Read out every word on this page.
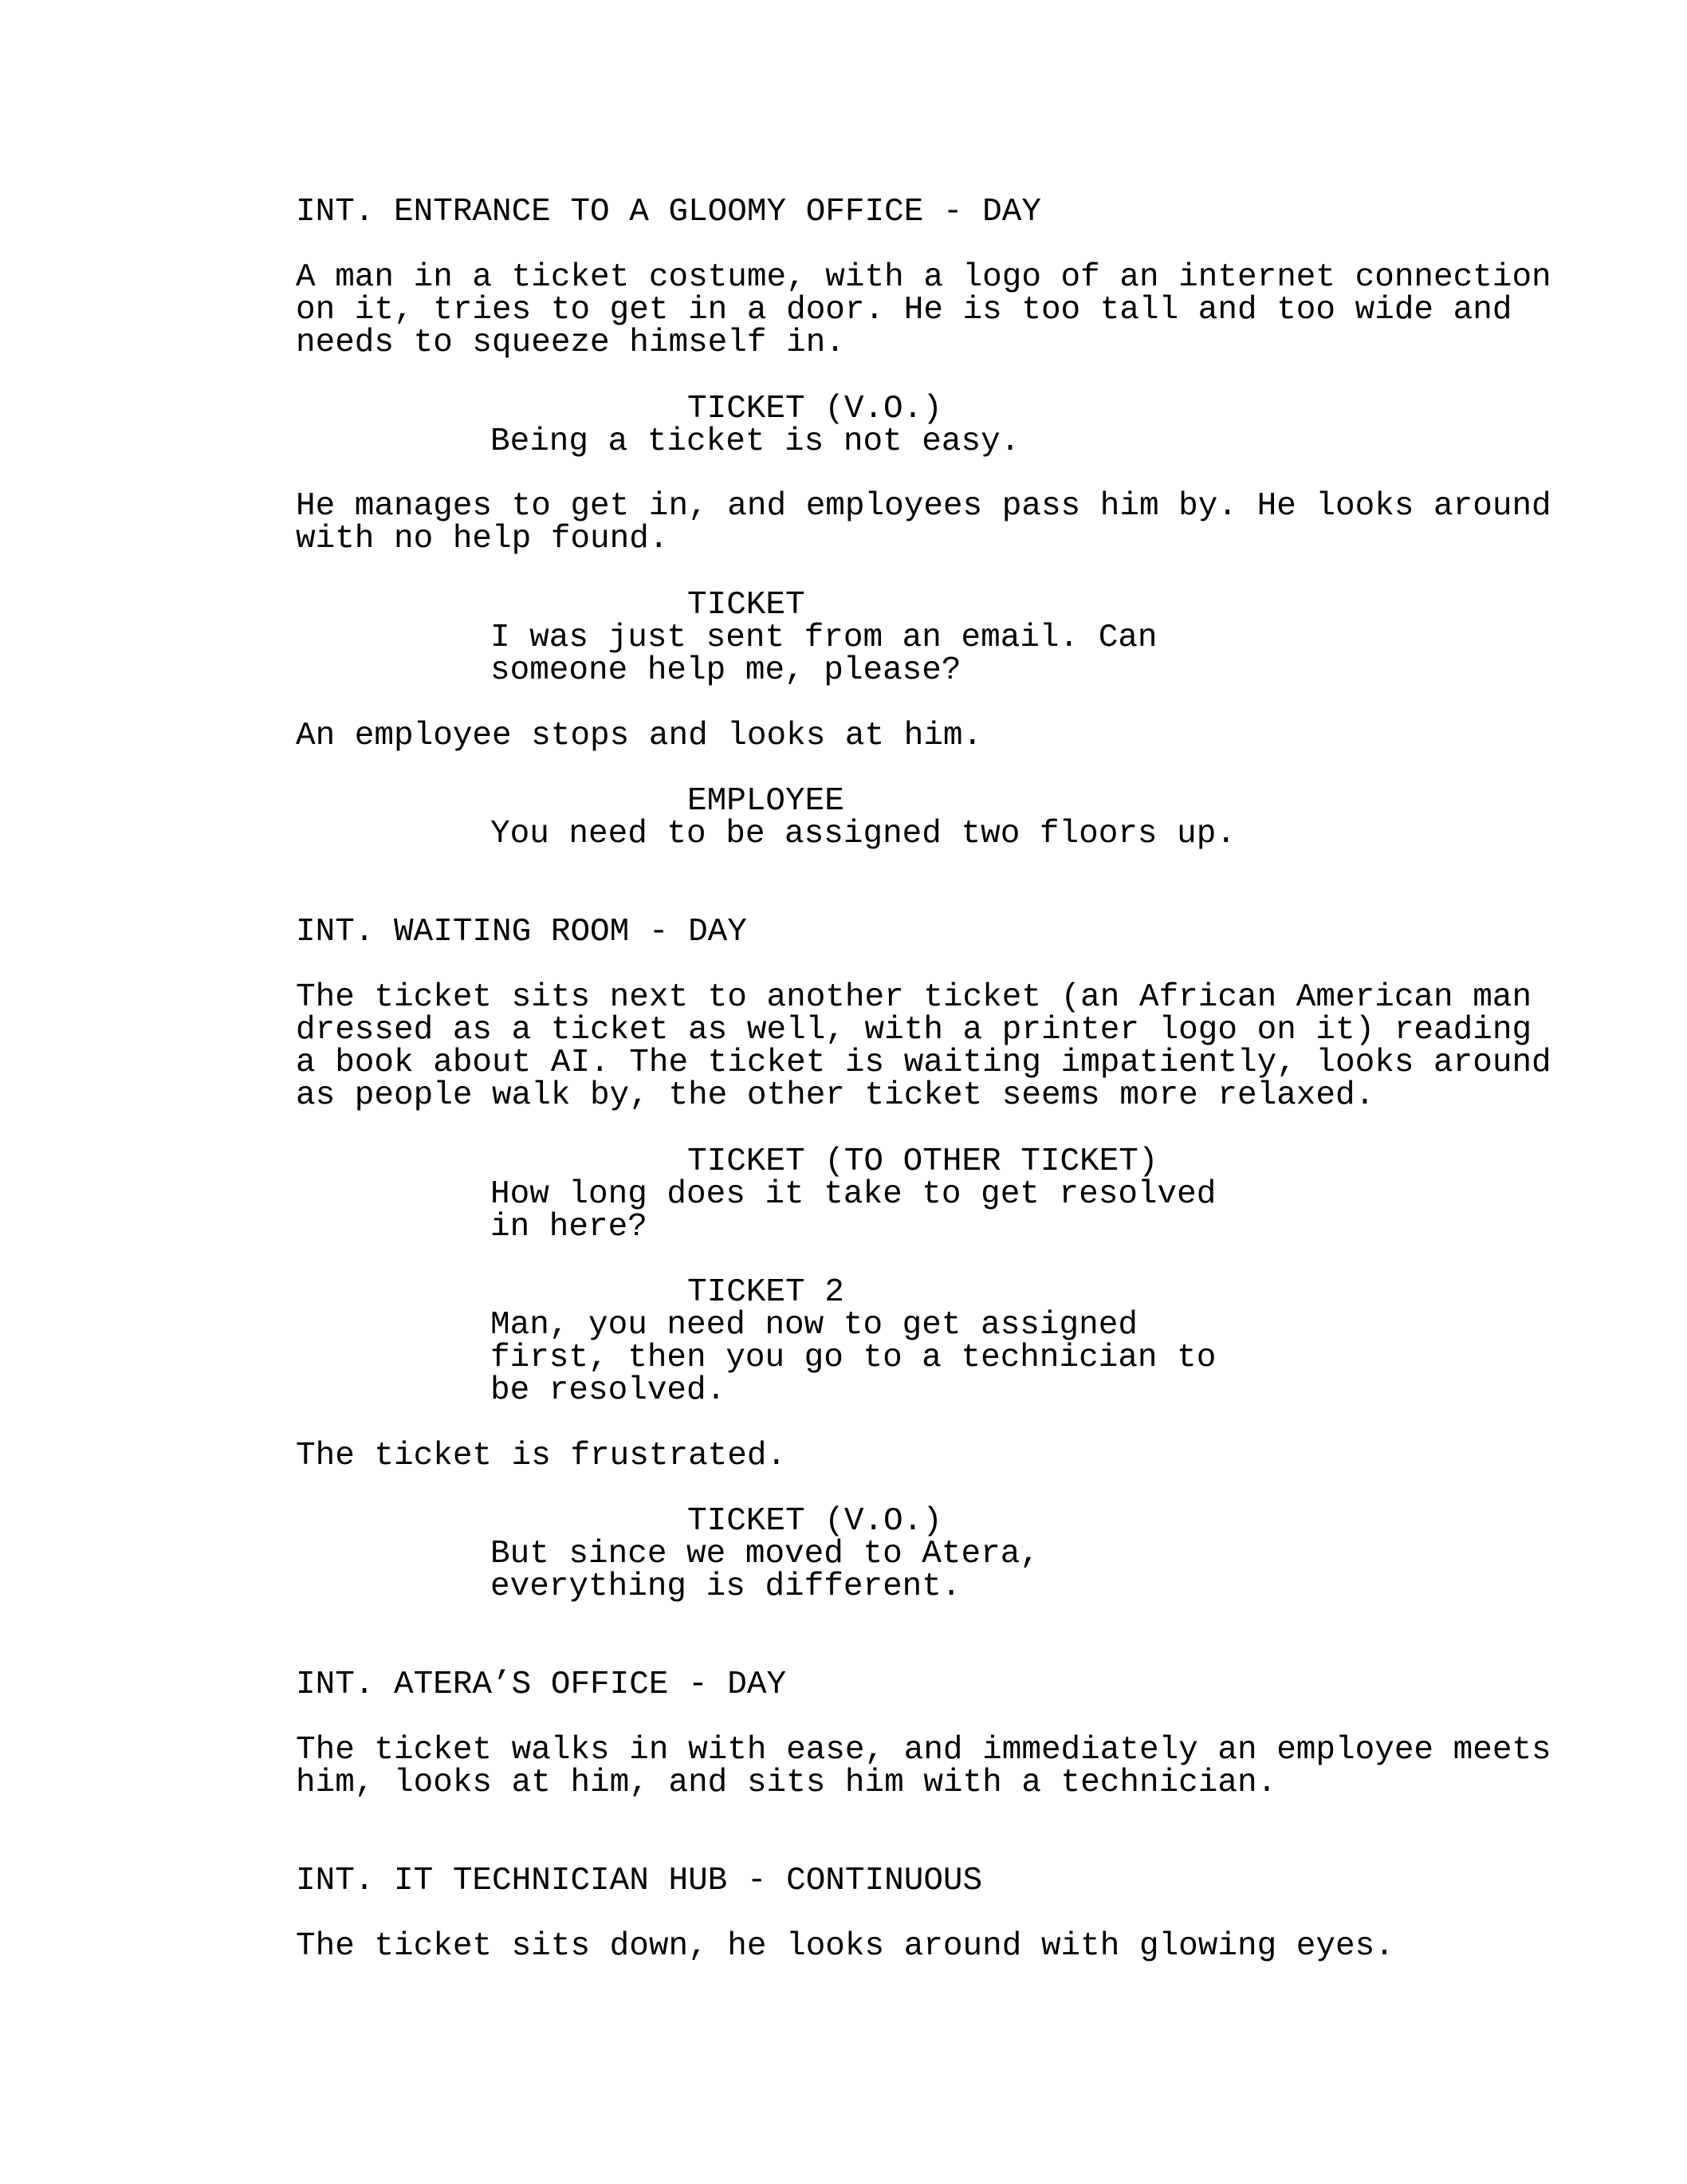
INT. ENTRANCE TO A GLOOMY OFFICE - DAY
A man in a ticket costume, with a logo of an internet connection
on it, tries to get in a door. He is too tall and too wide and
needs to squeeze himself in.
TICKET (V.O.)
Being a ticket is not easy.
He manages to get in, and employees pass him by. He looks around
with no help found.
TICKET
I was just sent from an email. Can
someone help me, please?
An employee stops and looks at him.
EMPLOYEE
You need to be assigned two floors up.
INT. WAITING ROOM - DAY
The ticket sits next to another ticket (an African American man
dressed as a ticket as well, with a printer logo on it) reading
a book about AI. The ticket is waiting impatiently, looks around
as people walk by, the other ticket seems more relaxed.
TICKET (TO OTHER TICKET)
How long does it take to get resolved
in here?
TICKET 2
Man, you need now to get assigned
first, then you go to a technician to
be resolved.
The ticket is frustrated.
TICKET (V.O.)
But since we moved to Atera,
everything is different.
INT. ATERA’S OFFICE - DAY
The ticket walks in with ease, and immediately an employee meets
him, looks at him, and sits him with a technician.
INT. IT TECHNICIAN HUB - CONTINUOUS
The ticket sits down, he looks around with glowing eyes.
